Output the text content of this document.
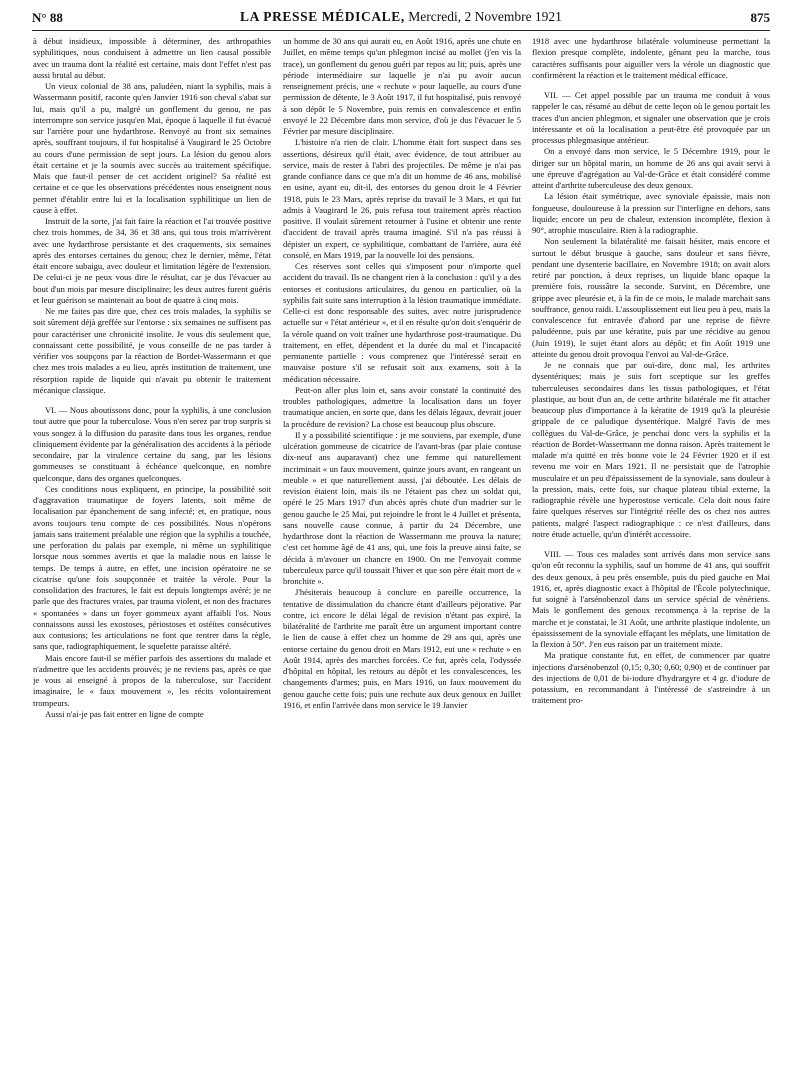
N° 88	LA PRESSE MÉDICALE, Mercredi, 2 Novembre 1921	875

à début insidieux, impossible à déterminer, des arthropathies syphilitiques, nous conduisent à admettre un lien causal possible avec un trauma dont la réalité est certaine, mais dont l'effet n'est pas aussi brutal au début.

Un vieux colonial de 38 ans, paludéen, niant la syphilis, mais à Wassermann positif, raconte qu'en Janvier 1916 son cheval s'abat sur lui, mais qu'il a pu, malgré un gonflement du genou, ne pas interrompre son service jusqu'en Mai, époque à laquelle il fut évacué sur l'arrière pour une hydarthrose. Renvoyé au front six semaines après, souffrant toujours, il fut hospitalisé à Vaugirard le 25 Octobre au cours d'une permission de sept jours. La lésion du genou alors était certaine et je la soumis avec succès au traitement spécifique. Mais que faut-il penser de cet accident originel? Sa réalité est certaine et ce que les observations précédentes nous enseignent nous permet d'établir entre lui et la localisation syphilitique un lien de cause à effet.

Instruit de la sorte, j'ai fait faire la réaction et l'ai trouvée positive chez trois hommes, de 34, 36 et 38 ans, qui tous trois m'arrivèrent avec une hydarthrose persistante et des craquements, six semaines après des entorses certaines du genou; chez le dernier, même, l'état était encore subaigu, avec douleur et limitation légère de l'extension. De celui-ci je ne peux vous dire le résultat, car je dus l'évacuer au bout d'un mois par mesure disciplinaire; les deux autres furent guéris et leur guérison se maintenait au bout de quatre à cinq mois.

Ne me faites pas dire que, chez ces trois malades, la syphilis se soit sûrement déjà greffée sur l'entorse : six semaines ne suffisent pas pour caractériser une chronicité insolite. Je vous dis seulement que, connaissant cette possibilité, je vous conseille de ne pas tarder à vérifier vos soupçons par la réaction de Bordet-Wassermann et que chez mes trois malades a eu lieu, après institution de traitement, une résorption rapide de liquide qui n'avait pu obtenir le traitement mécanique classique.

VI. — Nous aboutissons donc, pour la syphilis, à une conclusion tout autre que pour la tuberculose. Vous n'en serez par trop surpris si vous songez à la diffusion du parasite dans tous les organes, rendue cliniquement évidente par la généralisation des accidents à la période secondaire, par la virulence certaine du sang, par les lésions gommeuses se constituant à échéance quelconque, en nombre quelconque, dans des organes quelconques.

Ces conditions nous expliquent, en principe, la possibilité soit d'aggravation traumatique de foyers latents, soit même de localisation par épanchement de sang infecté; et, en pratique, nous avons toujours tenu compte de ces possibilités. Nous n'opérons jamais sans traitement préalable une région que la syphilis a touchée, une perforation du palais par exemple, ni même un syphilitique lorsque nous sommes avertis et que la maladie nous en laisse le temps. De temps à autre, en effet, une incision opératoire ne se cicatrise qu'une fois soupçonnée et traitée la vérole. Pour la consolidation des fractures, le fait est depuis longtemps avéré; je ne parle que des fractures vraies, par trauma violent, et non des fractures « spontanées » dans un foyer gommeux ayant affaibli l'os. Nous connaissons aussi les exostoses, périostoses et ostéites consécutives aux contusions; les articulations ne font que rentrer dans la règle, sans que, radiographiquement, le squelette paraisse altéré.

Mais encore faut-il se méfier parfois des assertions du malade et n'admettre que les accidents prouvés; je ne reviens pas, après ce que je vous ai enseigné à propos de la tuberculose, sur l'accident imaginaire, le « faux mouvement », les récits volontairement trompeurs.

Aussi n'ai-je pas fait entrer en ligne de compte

un homme de 30 ans qui aurait eu, en Août 1916, après une chute en Juillet, en même temps qu'un phlegmon incisé au mollet (j'en vis la trace), un gonflement du genou guéri par repos au lit; puis, après une période intermédiaire sur laquelle je n'ai pu avoir aucun renseignement précis, une « rechute » pour laquelle, au cours d'une permission de détente, le 3 Août 1917, il fut hospitalisé, puis renvoyé à son dépôt le 5 Novembre, puis remis en convalescence et enfin envoyé le 22 Décembre dans mon service, d'où je dus l'évacuer le 5 Février par mesure disciplinaire.

L'histoire n'a rien de clair. L'homme était fort suspect dans ses assertions, désireux qu'il était, avec évidence, de tout attribuer au service, mais de rester à l'abri des projectiles. De même je n'ai pas grande confiance dans ce que m'a dit un homme de 46 ans, mobilisé en usine, ayant eu, dit-il, des entorses du genou droit le 4 Février 1918, puis le 23 Mars, après reprise du travail le 3 Mars, et qui fut admis à Vaugirard le 26, puis refusa tout traitement après réaction positive. Il voulait sûrement retourner à l'usine et obtenir une rente d'accident de travail après trauma imaginé. S'il n'a pas réussi à dépister un expert, ce syphilitique, combattant de l'arrière, aura été consolé, en Mars 1919, par la nouvelle loi des pensions.

Ces réserves sont celles qui s'imposent pour n'importe quel accident du travail. Ils ne changent rien à la conclusion : qu'il y a des entorses et contusions articulaires, du genou en particulier, où la syphilis fait suite sans interruption à la lésion traumatique immédiate. Celle-ci est donc responsable des suites, avec notre jurisprudence actuelle sur « l'état antérieur », et il en résulte qu'on doit s'enquérir de la vérole quand on voit traîner une hydarthrose post-traumatique. Du traitement, en effet, dépendent et la durée du mal et l'incapacité permanente partielle : vous comprenez que l'intéressé serait en mauvaise posture s'il se refusait soit aux examens, soit à la médication nécessaire.

Peut-on aller plus loin et, sans avoir constaté la continuité des troubles pathologiques, admettre la localisation dans un foyer traumatique ancien, en sorte que, dans les délais légaux, devrait jouer la procédure de revision? La chose est beaucoup plus obscure.

Il y a possibilité scientifique : je me souviens, par exemple, d'une ulcération gommeuse de cicatrice de l'avant-bras (par plaie contuse dix-neuf ans auparavant) chez une femme qui naturellement incriminait « un faux mouvement, quinze jours avant, en rangeant un meuble » et que naturellement aussi, j'ai déboutée. Les délais de revision étaient loin, mais ils ne l'étaient pas chez un soldat qui, opéré le 25 Mars 1917 d'un abcès après chute d'un madrier sur le genou gauche le 25 Mai, put rejoindre le front le 4 Juillet et présenta, sans nouvelle cause connue, à partir du 24 Décembre, une hydarthrose dont la réaction de Wassermann me prouva la nature; c'est cet homme âgé de 41 ans, qui, une fois la preuve ainsi faite, se décida à m'avouer un chancre en 1900. On me l'envoyait comme tuberculeux parce qu'il toussait l'hiver et que son père était mort de « bronchite ».

J'hésiterais beaucoup à conclure en pareille occurrence, la tentative de dissimulation du chancre étant d'ailleurs péjorative. Par contre, ici encore le délai légal de revision n'étant pas expiré, la bilatéralité de l'arthrite me paraît être un argument important contre le lien de cause à effet chez un homme de 29 ans qui, après une entorse certaine du genou droit en Mars 1912, eut une « rechute » en Août 1914, après des marches forcées. Ce fut, après cela, l'odyssée d'hôpital en hôpital, les retours au dépôt et les convalescences, les changements d'armes; puis, en Mars 1916, un faux mouvement du genou gauche cette fois; puis une rechute aux deux genoux en Juillet 1916, et enfin l'arrivée dans mon service le 19 Janvier

1918 avec une hydarthrose bilatérale volumineuse permettant la flexion presque complète, indolente, gênant peu la marche, tous caractères suffisants pour aiguiller vers la vérole un diagnostic que confirmèrent la réaction et le traitement médical efficace.

VII. — Cet appel possible par un trauma me conduit à vous rappeler le cas, résumé au début de cette leçon où le genou portait les traces d'un ancien phlegmon, et signaler une observation que je crois intéressante et où la localisation a peut-être été provoquée par un processus phlegmasique antérieur.

On a envoyé dans mon service, le 5 Décembre 1919, pour le diriger sur un hôpital marin, un homme de 26 ans qui avait servi à une épreuve d'agrégation au Val-de-Grâce et était considéré comme atteint d'arthrite tuberculeuse des deux genoux.

La lésion était symétrique, avec synoviale épaissie, mais non fongueuse, douloureuse à la pression sur l'interligne en dehors, sans liquide; encore un peu de chaleur, extension incomplète, flexion à 90°, atrophie musculaire. Rien à la radiographie.

Non seulement la bilatéralité me faisait hésiter, mais encore et surtout le début brusque à gauche, sans douleur et sans fièvre, pendant une dysenterie bacillaire, en Novembre 1918; on avait alors retiré par ponction, à deux reprises, un liquide blanc opaque la première fois, roussâtre la seconde. Survint, en Décembre, une grippe avec pleurésie et, à la fin de ce mois, le malade marchait sans souffrance, genou raidi. L'assouplissement eut lieu peu à peu, mais la convalescence fut entravée d'abord par une reprise de fièvre paludéenne, puis par une kératite, puis par une récidive au genou (Juin 1919), le sujet étant alors au dépôt; et fin Août 1919 une atteinte du genou droit provoqua l'envoi au Val-de-Grâce.

Je ne connais que par ouï-dire, donc mal, les arthrites dysentériques; mais je suis fort sceptique sur les greffes tuberculeuses secondaires dans les tissus pathologiques, et l'état plastique, au bout d'un an, de cette arthrite bilatérale me fit attacher beaucoup plus d'importance à la kératite de 1919 qu'à la pleurésie grippale de ce paludique dysentérique. Malgré l'avis de mes collègues du Val-de-Grâce, je penchai donc vers la syphilis et la réaction de Bordet-Wassermann me donna raison. Après traitement le malade m'a quitté en très bonne voie le 24 Février 1920 et il est revenu me voir en Mars 1921. Il ne persistait que de l'atrophie musculaire et un peu d'épaississement de la synoviale, sans douleur à la pression, mais, cette fois, sur chaque plateau tibial externe, la radiographie révèle une hyperostose verticale. Cela doit nous faire faire quelques réserves sur l'intégrité réelle des os chez nos autres patients, malgré l'aspect radiographique : ce n'est d'ailleurs, dans notre étude actuelle, qu'un d'intérêt accessoire.

VIII. — Tous ces malades sont arrivés dans mon service sans qu'on eût reconnu la syphilis, sauf un homme de 41 ans, qui souffrit des deux genoux, à peu près ensemble, puis du pied gauche en Mai 1916, et, après diagnostic exact à l'hôpital de l'École polytechnique, fut soigné à l'arsénobenzol dans un service spécial de vénériens. Mais le gonflement des genoux recommença à la reprise de la marche et je constatai, le 31 Août, une arthrite plastique indolente, un épaississement de la synoviale effaçant les méplats, une limitation de la flexion à 50°. J'en eus raison par un traitement mixte.

Ma pratique constante fut, en effet, de commencer par quatre injections d'arsénobenzol (0,15; 0,30; 0,60; 0,90) et de continuer par des injections de 0,01 de bi-iodure d'hydrargyre et 4 gr. d'iodure de potassium, en recommandant à l'intéressé de s'astreindre à un traitement pro-
